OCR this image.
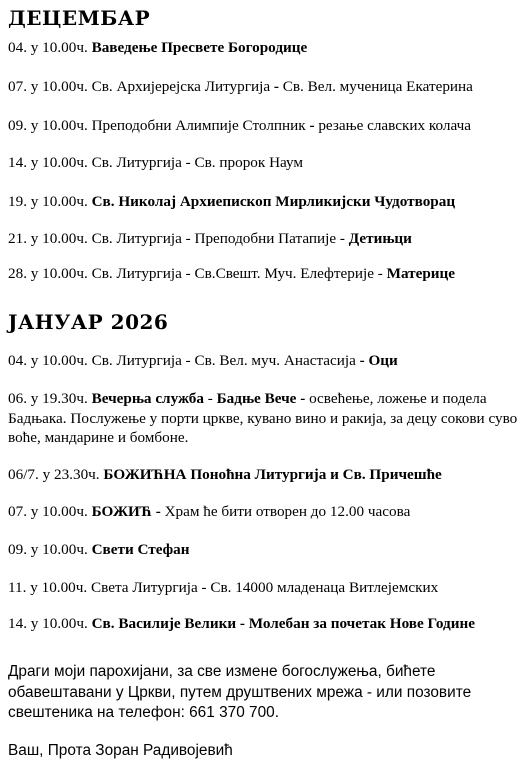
ДЕЦЕМБАР
04. у 10.00ч. Ваведење Пресвете Богородице
07. у 10.00ч. Св. Архијерејска Литургија - Св. Вел. мученица Екатерина
09. у 10.00ч. Преподобни Алимпије Столпник - резање славских колача
14. у 10.00ч. Св. Литургија - Св. пророк Наум
19. у 10.00ч. Св. Николај Архиепископ Мирликијски Чудотворац
21. у 10.00ч. Св. Литургија - Преподобни Патапије - Детињци
28. у 10.00ч. Св. Литургија - Св.Свешт. Муч. Елефтерије - Материце
ЈАНУАР 2026
04. у 10.00ч. Св. Литургија - Св. Вел. муч. Анастасија - Оци
06. у 19.30ч. Вечерња служба - Бадње Вече - освећење, ложење и подела Бадњака. Послужење у порти цркве, кувано вино и ракија, за децу сокови суво воће, мандарине и бомбоне.
06/7. у 23.30ч. БОЖИЋНА Поноћна Литургија и Св. Причешће
07. у 10.00ч. БОЖИЋ - Храм ће бити отворен до 12.00 часова
09. у 10.00ч. Свети Стефан
11. у 10.00ч. Света Литургија - Св. 14000 младенаца Витлејемских
14. у 10.00ч. Св. Василије Велики - Молебан за почетак Нове Године
Драги моји парохијани, за све измене богослужења, бићете обавештавани у Цркви, путем друштвених мрежа - или позовите свештеника на телефон: 661 370 700.
Ваш, Прота Зоран Радивојевић
